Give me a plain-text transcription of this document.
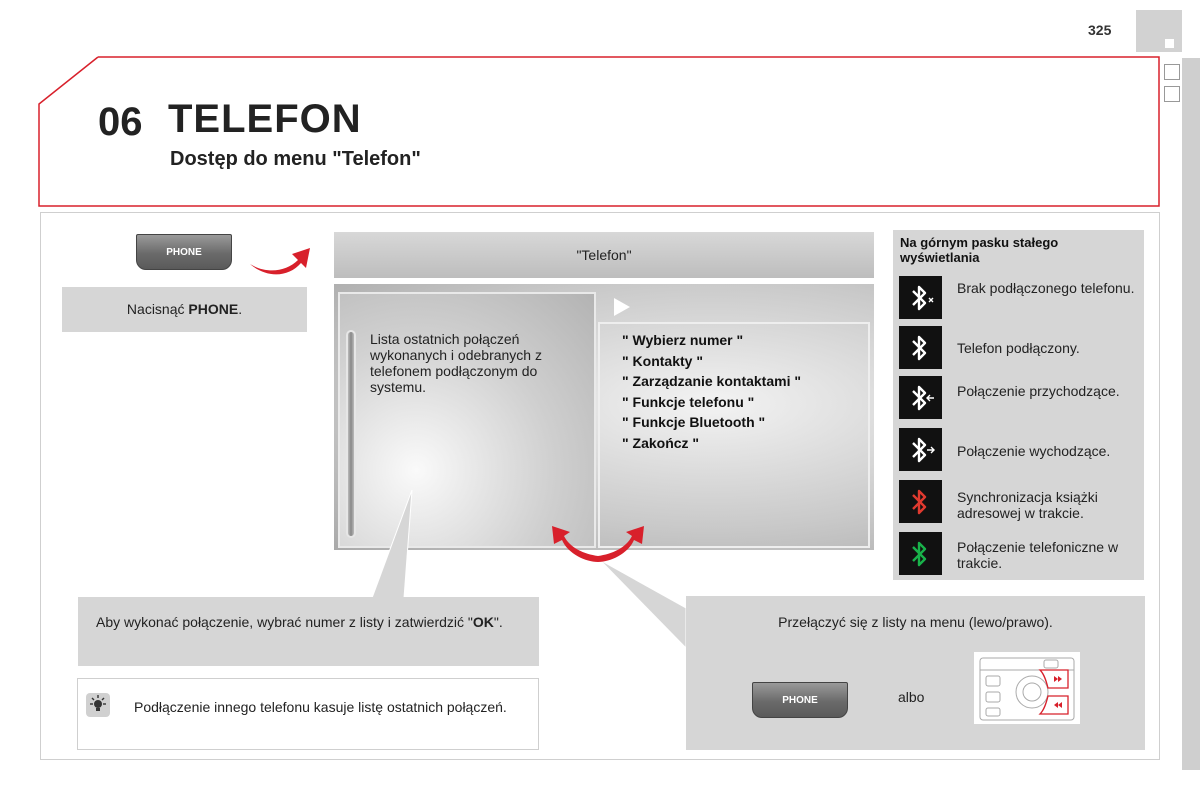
325
06 TELEFON
Dostęp do menu "Telefon"
PHONE
Nacisnąć PHONE.
"Telefon"
Lista ostatnich połączeń wykonanych i odebranych z telefonem podłączonym do systemu.
" Wybierz numer "
" Kontakty "
" Zarządzanie kontaktami "
" Funkcje telefonu "
" Funkcje Bluetooth "
" Zakończ "
Na górnym pasku stałego wyświetlania
Brak podłączonego telefonu.
Telefon podłączony.
Połączenie przychodzące.
Połączenie wychodzące.
Synchronizacja książki adresowej w trakcie.
Połączenie telefoniczne w trakcie.
Aby wykonać połączenie, wybrać numer z listy i zatwierdzić "OK".
Podłączenie innego telefonu kasuje listę ostatnich połączeń.
Przełączyć się z listy na menu (lewo/prawo).
PHONE	albo
